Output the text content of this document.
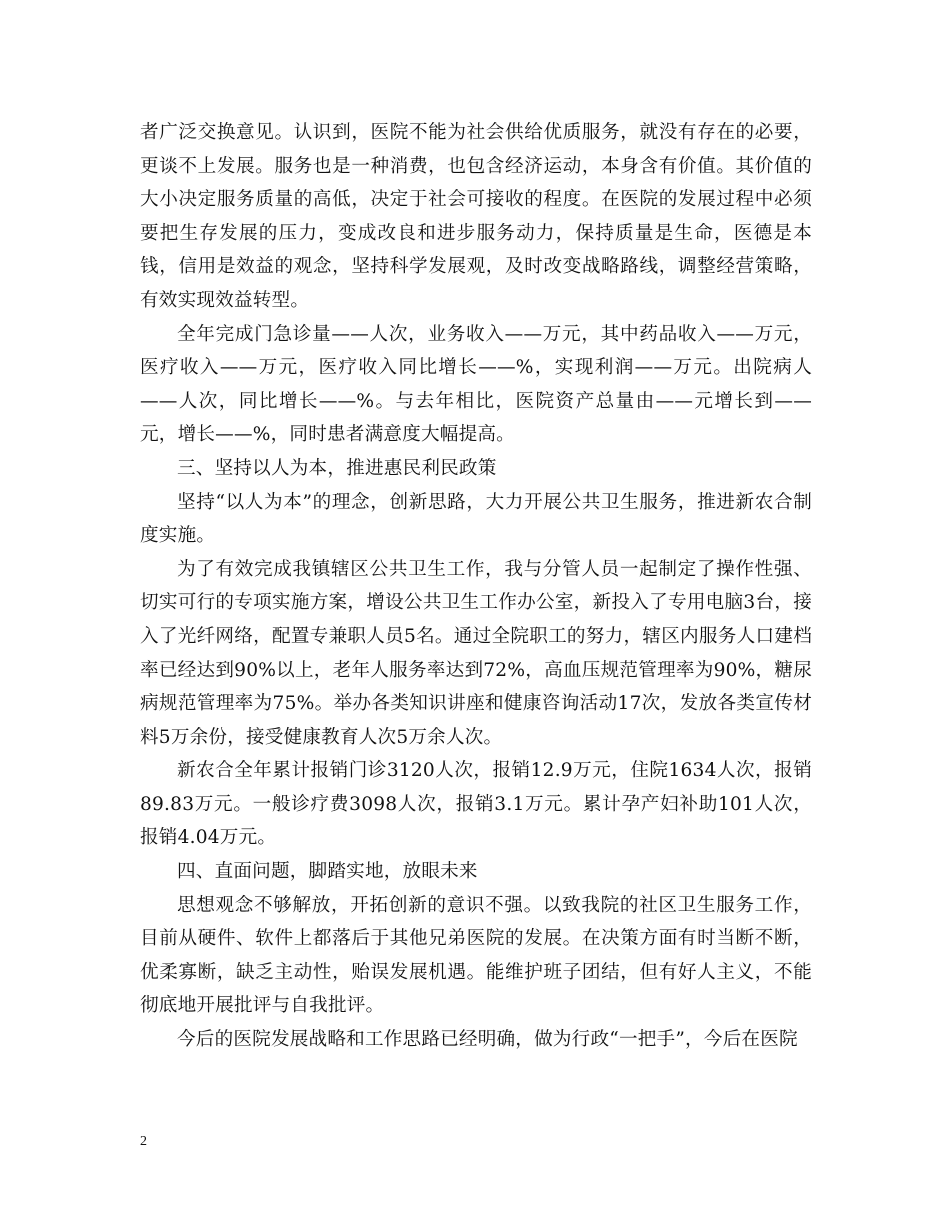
者广泛交换意见。认识到，医院不能为社会供给优质服务，就没有存在的必要，更谈不上发展。服务也是一种消费，也包含经济运动，本身含有价值。其价值的大小决定服务质量的高低，决定于社会可接收的程度。在医院的发展过程中必须要把生存发展的压力，变成改良和进步服务动力，保持质量是生命，医德是本钱，信用是效益的观念，坚持科学发展观，及时改变战略路线，调整经营策略，有效实现效益转型。

全年完成门急诊量——人次，业务收入——万元，其中药品收入——万元，医疗收入——万元，医疗收入同比增长——%，实现利润——万元。出院病人——人次，同比增长——%。与去年相比，医院资产总量由——元增长到——元，增长——%，同时患者满意度大幅提高。

三、坚持以人为本，推进惠民利民政策

坚持“以人为本”的理念，创新思路，大力开展公共卫生服务，推进新农合制度实施。

为了有效完成我镇辖区公共卫生工作，我与分管人员一起制定了操作性强、切实可行的专项实施方案，增设公共卫生工作办公室，新投入了专用电脑3台，接入了光纤网络，配置专兼职人员5名。通过全院职工的努力，辖区内服务人口建档率已经达到90%以上，老年人服务率达到72%，高血压规范管理率为90%，糖尿病规范管理率为75%。举办各类知识讲座和健康咨询活动17次，发放各类宣传材料5万余份，接受健康教育人次5万余人次。

新农合全年累计报销门诊3120人次，报销12.9万元，住院1634人次，报销89.83万元。一般诊疗费3098人次，报销3.1万元。累计孕产妇补助101人次，报销4.04万元。

四、直面问题，脚踏实地，放眼未来

思想观念不够解放，开拓创新的意识不强。以致我院的社区卫生服务工作，目前从硬件、软件上都落后于其他兄弟医院的发展。在决策方面有时当断不断，优柔寡断，缺乏主动性，贻误发展机遇。能维护班子团结，但有好人主义，不能彻底地开展批评与自我批评。

今后的医院发展战略和工作思路已经明确，做为行政“一把手”，今后在医院

2
